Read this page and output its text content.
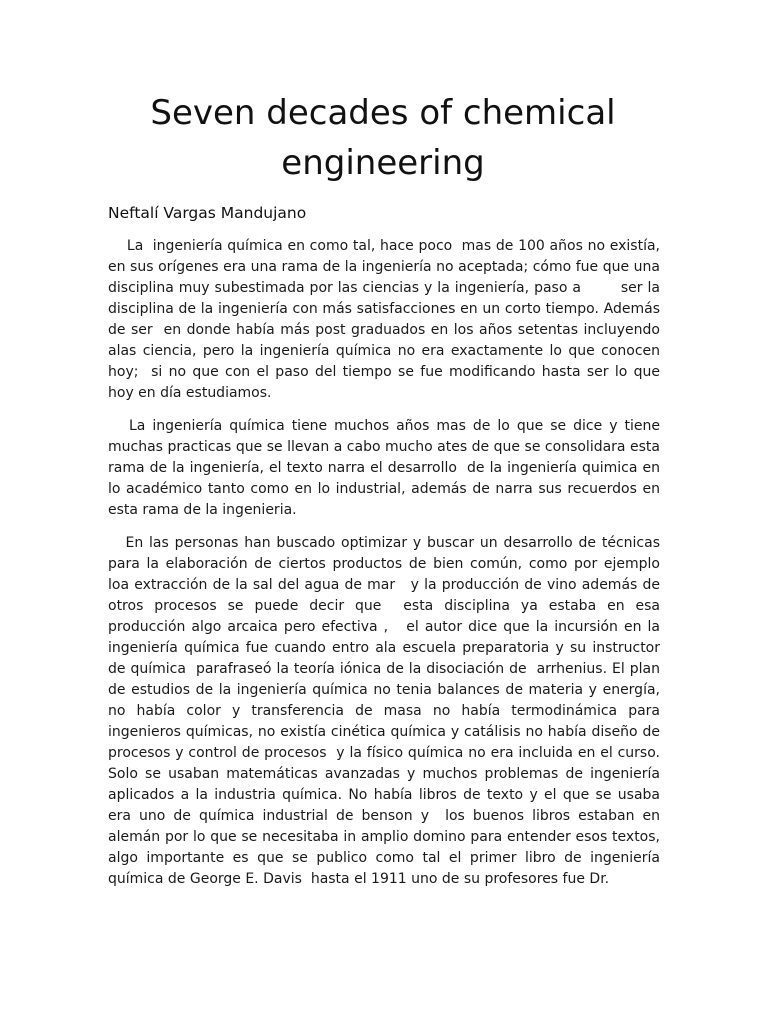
Seven decades of chemical engineering
Neftalí Vargas Mandujano

La  ingeniería química en como tal, hace poco  mas de 100 años no existía, en sus orígenes era una rama de la ingeniería no aceptada; cómo fue que una disciplina muy subestimada por las ciencias y la ingeniería, paso a        ser la disciplina de la ingeniería con más satisfacciones en un corto tiempo. Además de ser  en donde había más post graduados en los años setentas incluyendo alas ciencia, pero la ingeniería química no era exactamente lo que conocen hoy;  si no que con el paso del tiempo se fue modificando hasta ser lo que hoy en día estudiamos.

La ingeniería química tiene muchos años mas de lo que se dice y tiene muchas practicas que se llevan a cabo mucho ates de que se consolidara esta rama de la ingeniería, el texto narra el desarrollo  de la ingeniería quimica en lo académico tanto como en lo industrial, además de narra sus recuerdos en esta rama de la ingenieria.

En las personas han buscado optimizar y buscar un desarrollo de técnicas para la elaboración de ciertos productos de bien común, como por ejemplo loa extracción de la sal del agua de mar   y la producción de vino además de otros procesos se puede decir que  esta disciplina ya estaba en esa producción algo arcaica pero efectiva ,   el autor dice que la incursión en la ingeniería química fue cuando entro ala escuela preparatoria y su instructor de química  parafraseó la teoría iónica de la disociación de  arrhenius. El plan de estudios de la ingeniería química no tenia balances de materia y energía, no había color y transferencia de masa no había termodinámica para ingenieros químicas, no existía cinética química y catálisis no había diseño de procesos y control de procesos  y la físico química no era incluida en el curso. Solo se usaban matemáticas avanzadas y muchos problemas de ingeniería aplicados a la industria química. No había libros de texto y el que se usaba era uno de química industrial de benson y  los buenos libros estaban en alemán por lo que se necesitaba in amplio domino para entender esos textos, algo importante es que se publico como tal el primer libro de ingeniería química de George E. Davis  hasta el 1911 uno de su profesores fue Dr.
